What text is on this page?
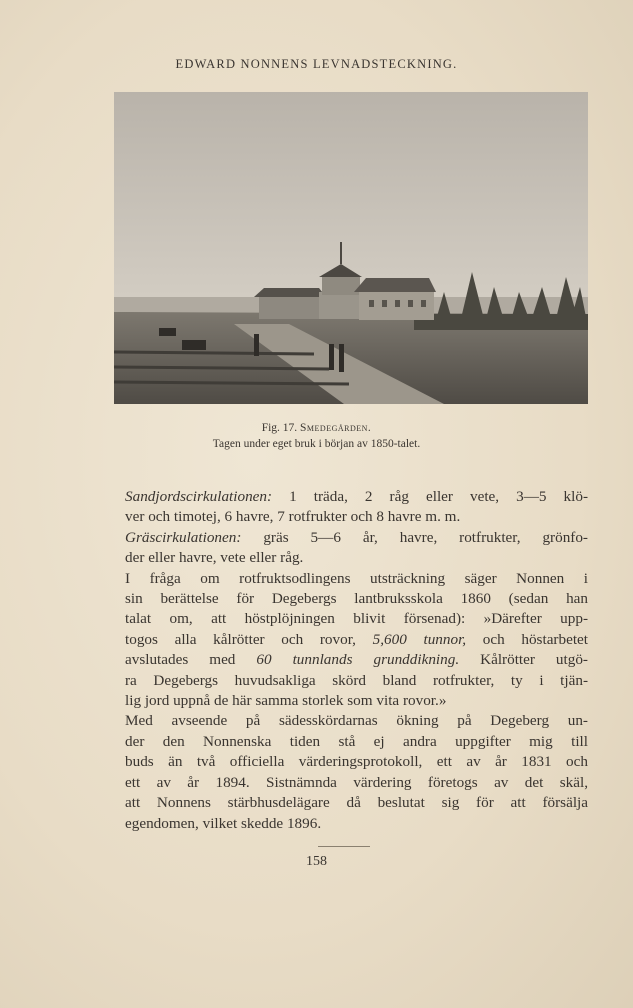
EDWARD NONNENS LEVNADSTECKNING.
Fig. 17. Smedegården.
Tagen under eget bruk i början av 1850-talet.

Sandjordscirkulationen: 1 träda, 2 råg eller vete, 3—5 klö-
ver och timotej, 6 havre, 7 rotfrukter och 8 havre m. m.

Gräscirkulationen: gräs 5—6 år, havre, rotfrukter, grönfo-
der eller havre, vete eller råg.

I fråga om rotfruktsodlingens utsträckning säger Nonnen i
sin berättelse för Degebergs lantbruksskola 1860 (sedan han
talat om, att höstplöjningen blivit försenad): »Därefter upp-
togos alla kålrötter och rovor, 5,600 tunnor, och höstarbetet
avslutades med 60 tunnlands grunddikning. Kålrötter utgö-
ra Degebergs huvudsakliga skörd bland rotfrukter, ty i tjän-
lig jord uppnå de här samma storlek som vita rovor.»

Med avseende på sädesskördarnas ökning på Degeberg un-
der den Nonnenska tiden stå ej andra uppgifter mig till
buds än två officiella värderingsprotokoll, ett av år 1831 och
ett av år 1894. Sistnämnda värdering företogs av det skäl,
att Nonnens stärbhusdelägare då beslutat sig för att försälja
egendomen, vilket skedde 1896.

158
